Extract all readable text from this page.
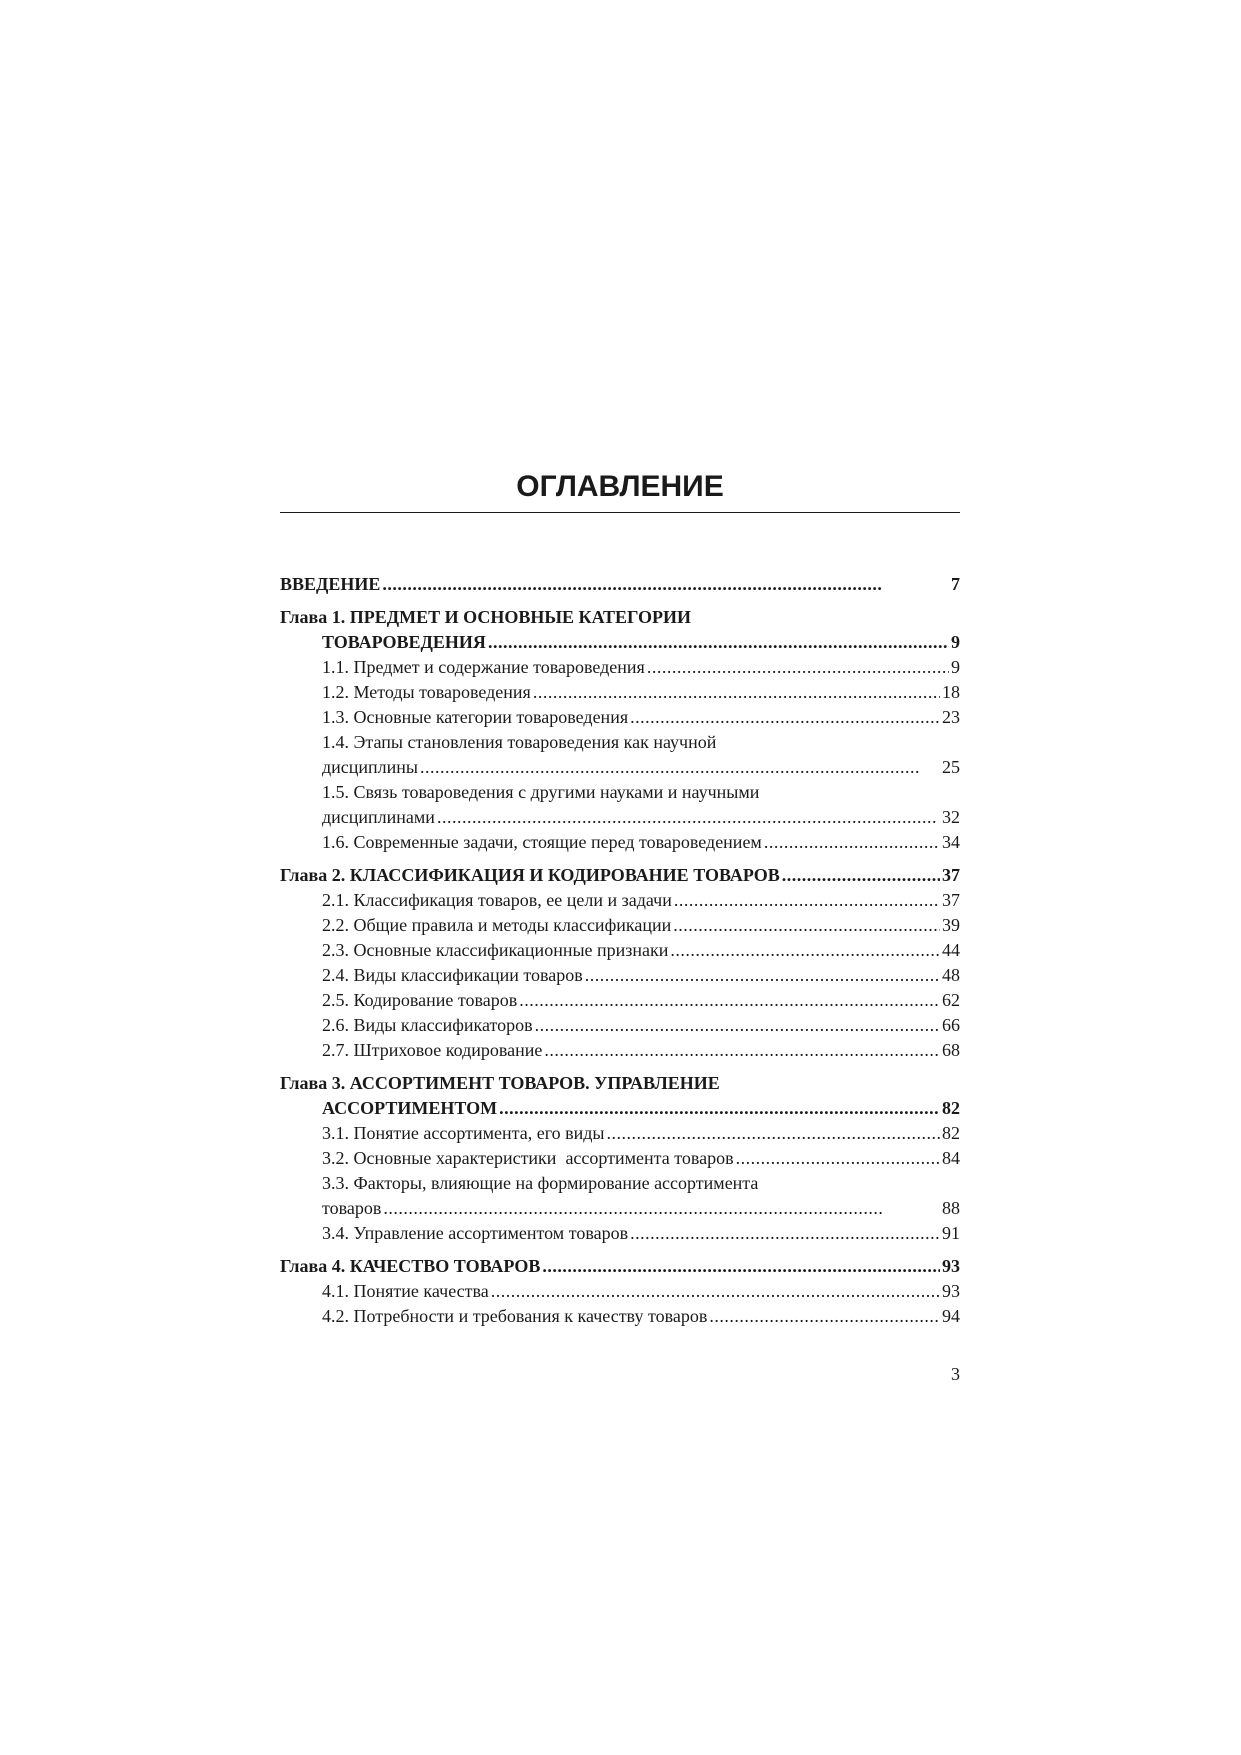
ОГЛАВЛЕНИЕ
ВВЕДЕНИЕ . . .	7
Глава 1. ПРЕДМЕТ И ОСНОВНЫЕ КАТЕГОРИИ
ТОВАРОВЕДЕНИЯ . . .	9
1.1. Предмет и содержание товароведения . . .	9
1.2. Методы товароведения . . .	18
1.3. Основные категории товароведения . . .	23
1.4. Этапы становления товароведения как научной
дисциплины . . .	25
1.5. Связь товароведения с другими науками и научными
дисциплинами . . .	32
1.6. Современные задачи, стоящие перед товароведением . . .	34
Глава 2. КЛАССИФИКАЦИЯ И КОДИРОВАНИЕ ТОВАРОВ . . .	37
2.1. Классификация товаров, ее цели и задачи . . .	37
2.2. Общие правила и методы классификации . . .	39
2.3. Основные классификационные признаки . . .	44
2.4. Виды классификации товаров . . .	48
2.5. Кодирование товаров . . .	62
2.6. Виды классификаторов . . .	66
2.7. Штриховое кодирование . . .	68
Глава 3. АССОРТИМЕНТ ТОВАРОВ. УПРАВЛЕНИЕ
АССОРТИМЕНТОМ . . .	82
3.1. Понятие ассортимента, его виды . . .	82
3.2. Основные характеристики  ассортимента товаров . . .	84
3.3. Факторы, влияющие на формирование ассортимента
товаров . . .	88
3.4. Управление ассортиментом товаров . . .	91
Глава 4. КАЧЕСТВО ТОВАРОВ . . .	93
4.1. Понятие качества . . .	93
4.2. Потребности и требования к качеству товаров . . .	94
3
